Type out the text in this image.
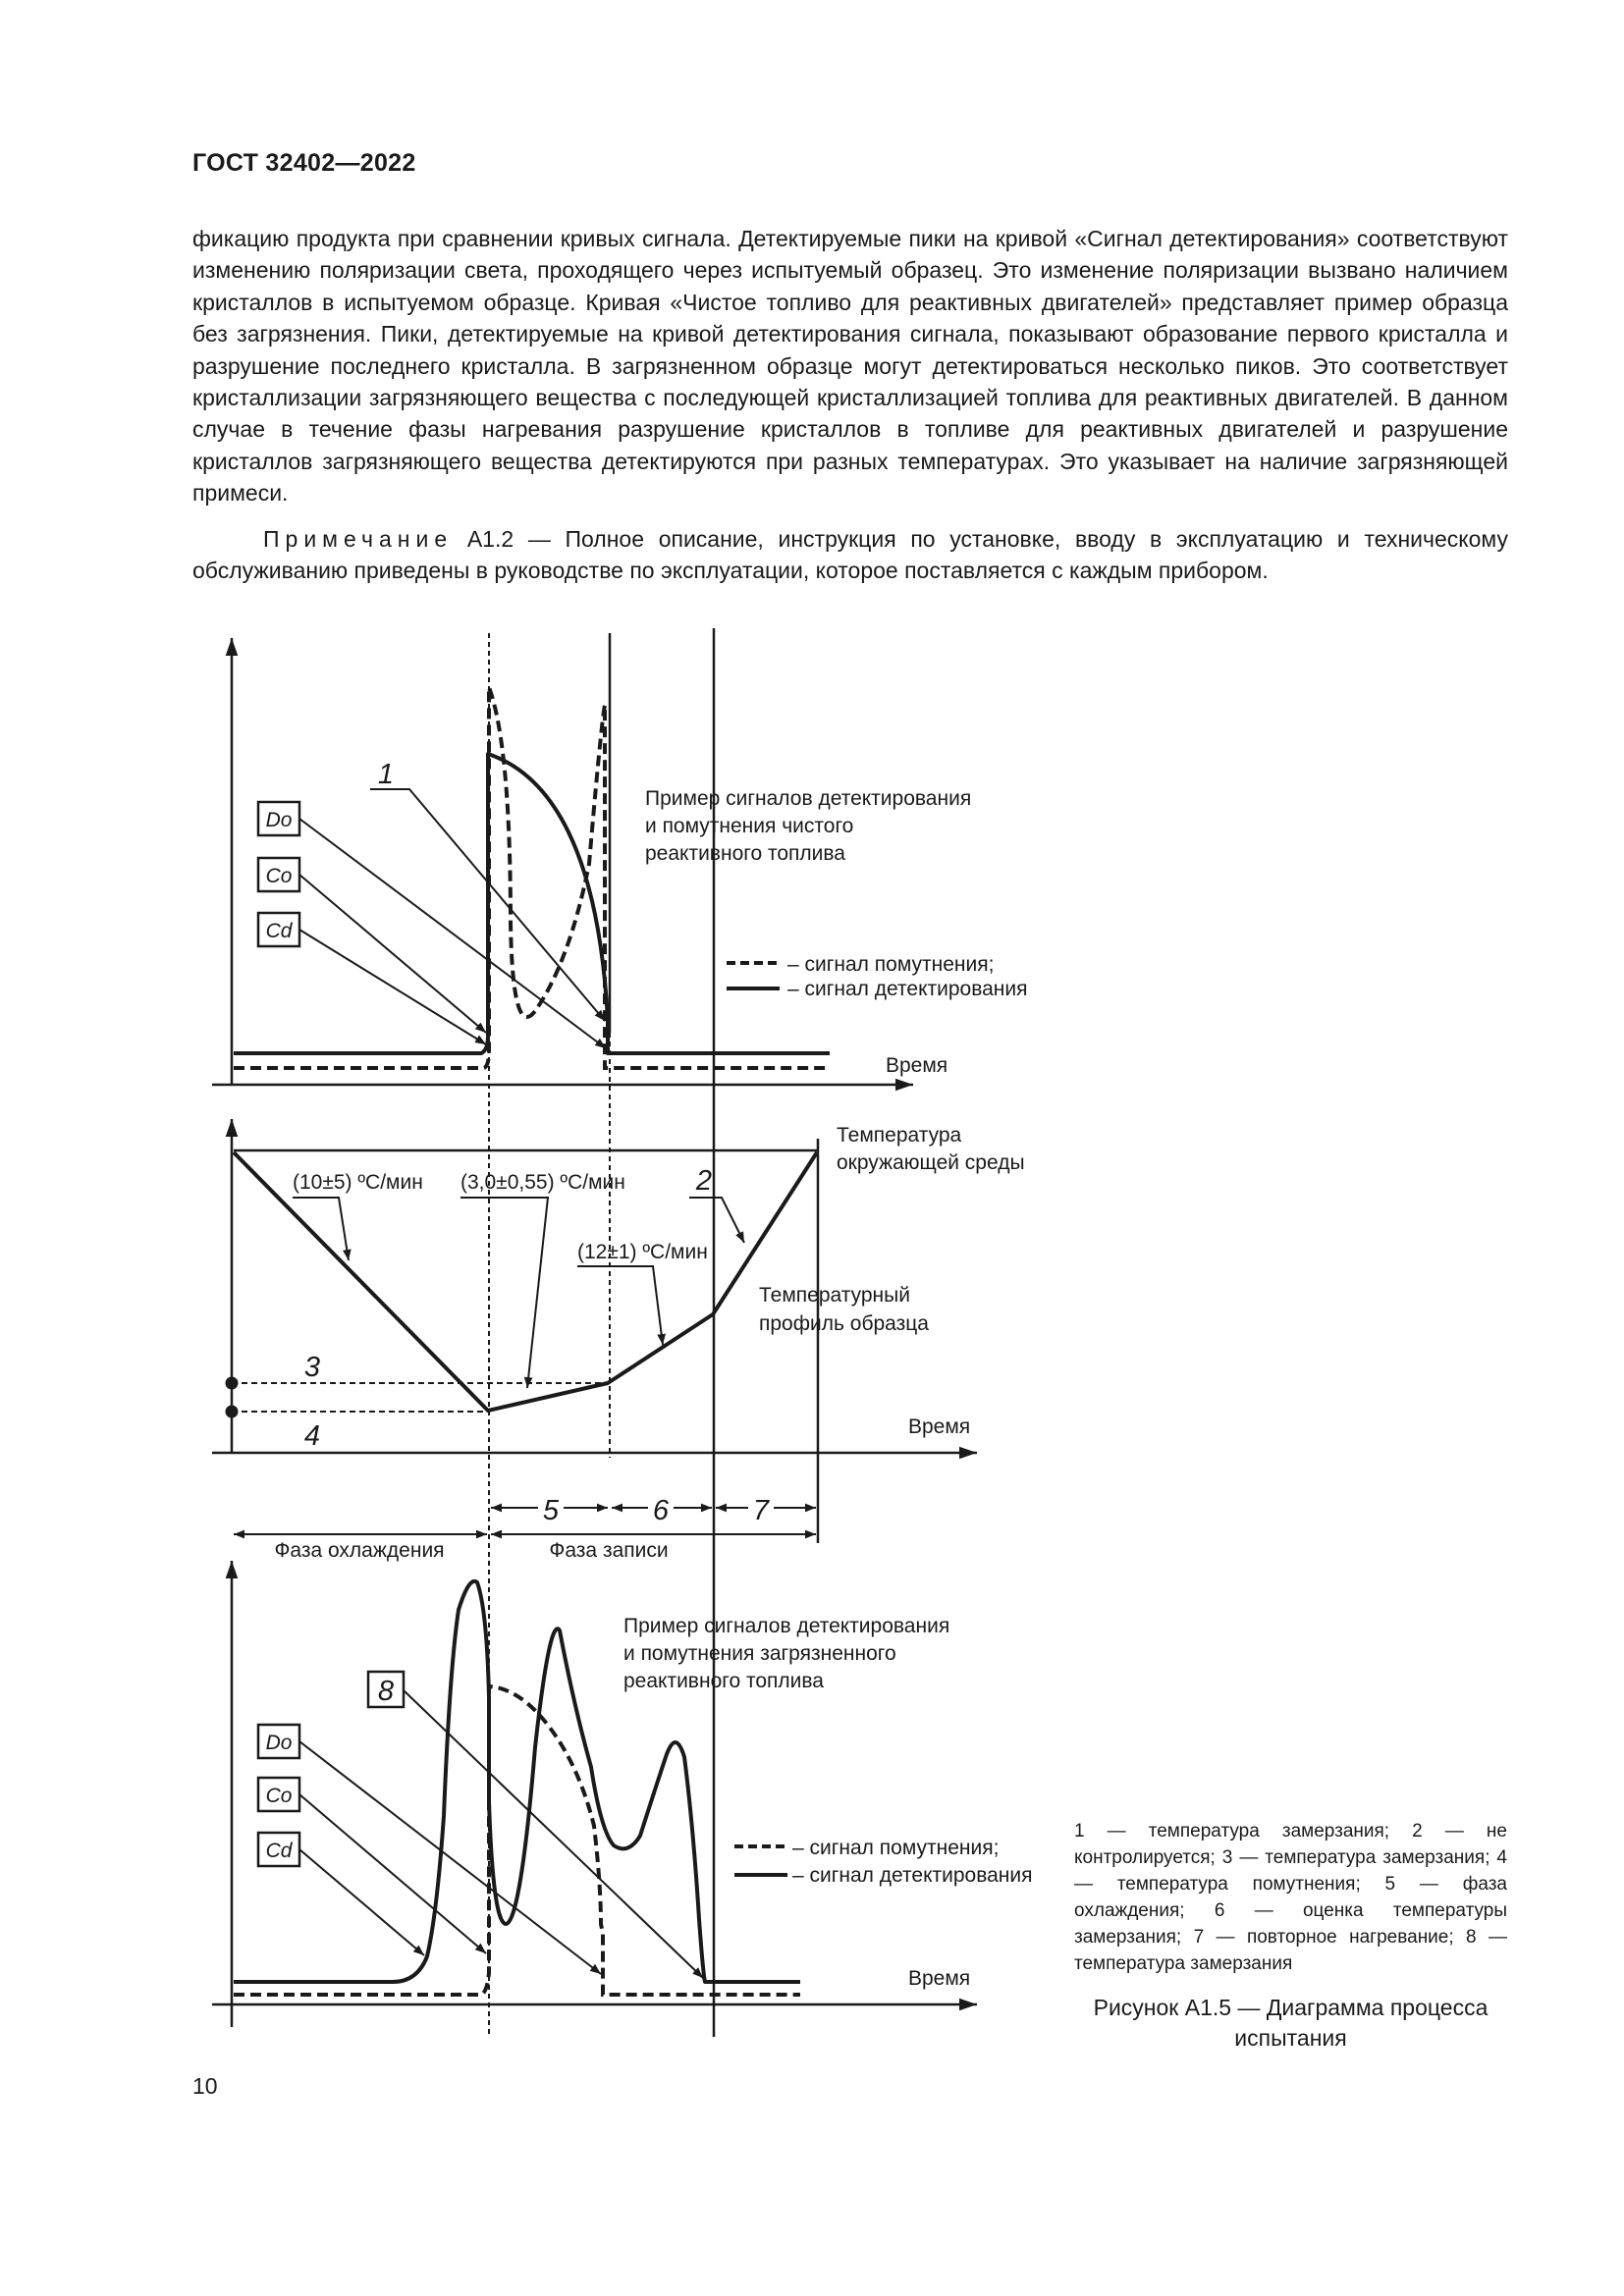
ГОСТ 32402—2022
фикацию продукта при сравнении кривых сигнала. Детектируемые пики на кривой «Сигнал детектирования» соответствуют изменению поляризации света, проходящего через испытуемый образец. Это изменение поляризации вызвано наличием кристаллов в испытуемом образце. Кривая «Чистое топливо для реактивных двигателей» представляет пример образца без загрязнения. Пики, детектируемые на кривой детектирования сигнала, показывают образование первого кристалла и разрушение последнего кристалла. В загрязненном образце могут детектироваться несколько пиков. Это соответствует кристаллизации загрязняющего вещества с последующей кристаллизацией топлива для реактивных двигателей. В данном случае в течение фазы нагревания разрушение кристаллов в топливе для реактивных двигателей и разрушение кристаллов загрязняющего вещества детектируются при разных температурах. Это указывает на наличие загрязняющей примеси.
Примечание А1.2 — Полное описание, инструкция по установке, вводу в эксплуатацию и техническому обслуживанию приведены в руководстве по эксплуатации, которое поставляется с каждым прибором.
– сигнал помутнения;
– сигнал детектирования
Пример сигналов детектирования
и помутнения чистого
реактивного топлива
Время
Do
Co
Cd
1
3
4
(10±5) ºС/мин (3,0±0,55) ºС/мин
(12±1) ºС/мин
2
Температура
окружающей среды
Температурный
профиль образца
Время
5	6	7
Фаза охлаждения	Фаза записи
– сигнал помутнения;
– сигнал детектирования
Пример сигналов детектирования
и помутнения загрязненного
реактивного топлива
Время
8
Do
Co
Cd
1 — температура замерзания; 2 — не контролируется; 3 — температура замерзания; 4 — температура помутнения; 5 — фаза охлаждения; 6 — оценка температуры замерзания; 7 — повторное нагревание; 8 — температура замерзания
Рисунок А1.5 — Диаграмма процесса
испытания
10
